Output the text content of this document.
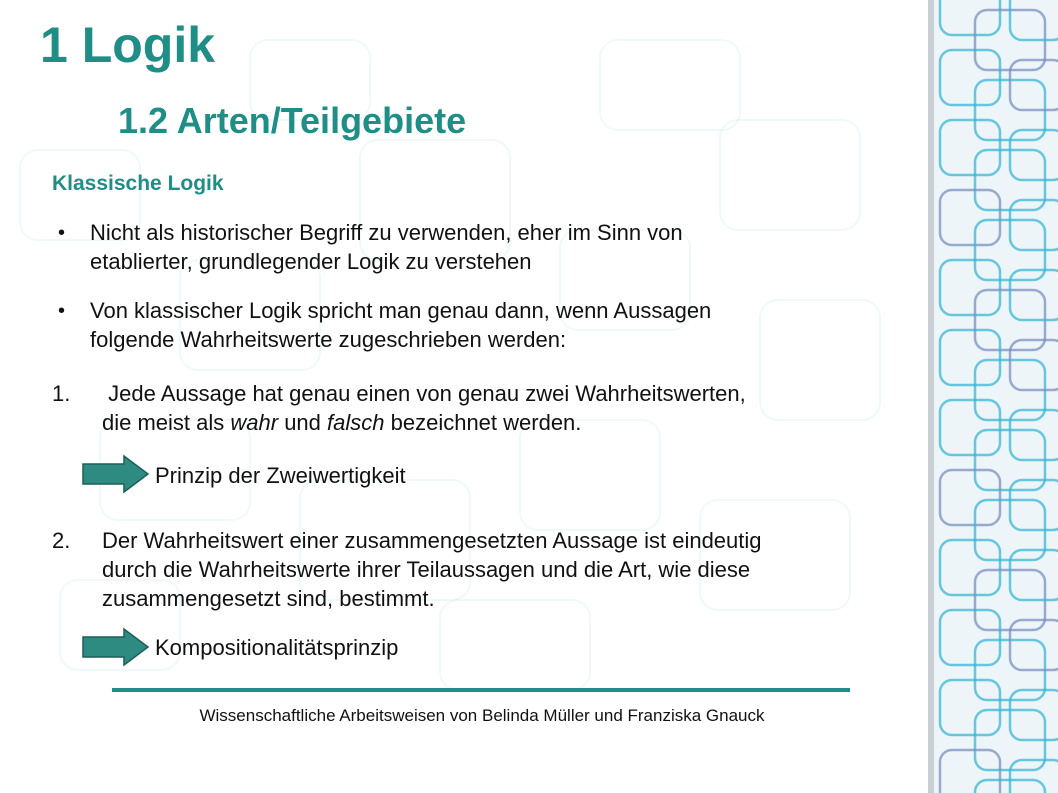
1 Logik
1.2 Arten/Teilgebiete
Klassische Logik
• Nicht als historischer Begriff zu verwenden, eher im Sinn von
etablierter, grundlegender Logik zu verstehen
• Von klassischer Logik spricht man genau dann, wenn Aussagen
folgende Wahrheitswerte zugeschrieben werden:
1. Jede Aussage hat genau einen von genau zwei Wahrheitswerten,
die meist als wahr und falsch bezeichnet werden.
Prinzip der Zweiwertigkeit
2. Der Wahrheitswert einer zusammengesetzten Aussage ist eindeutig
durch die Wahrheitswerte ihrer Teilaussagen und die Art, wie diese
zusammengesetzt sind, bestimmt.
Kompositionalitätsprinzip
Wissenschaftliche Arbeitsweisen von Belinda Müller und Franziska Gnauck
